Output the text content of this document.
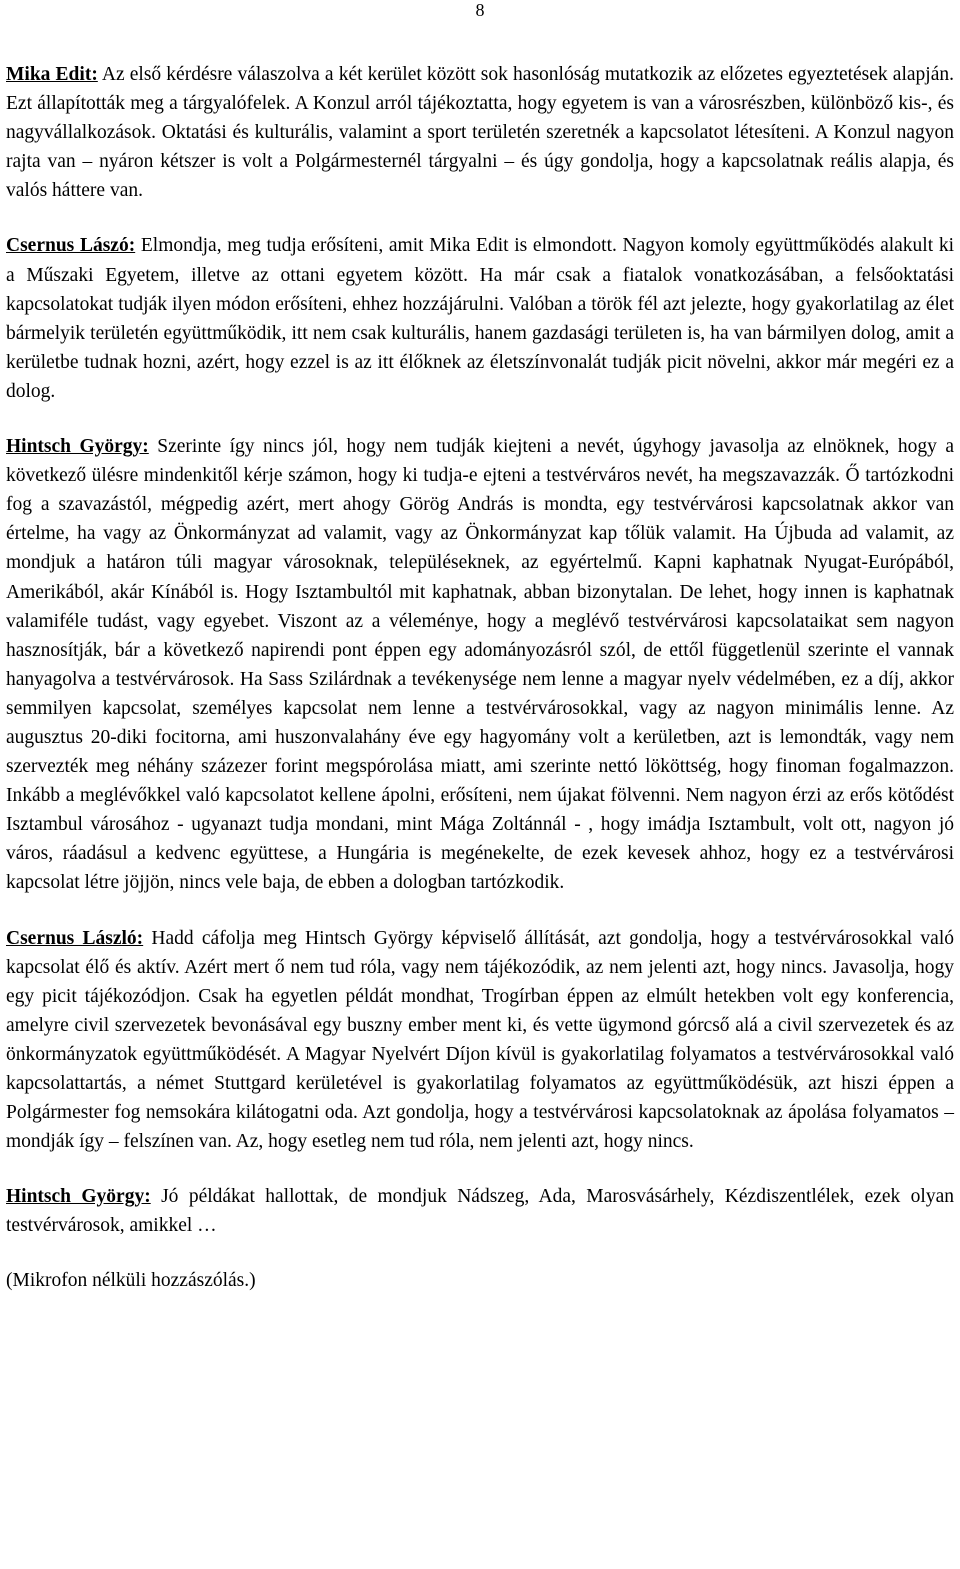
8

Mika Edit: Az első kérdésre válaszolva a két kerület között sok hasonlóság mutatkozik az előzetes egyeztetések alapján. Ezt állapították meg a tárgyalófelek. A Konzul arról tájékoztatta, hogy egyetem is van a városrészben, különböző kis-, és nagyvállalkozások. Oktatási és kulturális, valamint a sport területén szeretnék a kapcsolatot létesíteni. A Konzul nagyon rajta van – nyáron kétszer is volt a Polgármesternél tárgyalni – és úgy gondolja, hogy a kapcsolatnak reális alapja, és valós háttere van.

Csernus Lászó: Elmondja, meg tudja erősíteni, amit Mika Edit is elmondott. Nagyon komoly együttműködés alakult ki a Műszaki Egyetem, illetve az ottani egyetem között. Ha már csak a fiatalok vonatkozásában, a felsőoktatási kapcsolatokat tudják ilyen módon erősíteni, ehhez hozzájárulni. Valóban a török fél azt jelezte, hogy gyakorlatilag az élet bármelyik területén együttműködik, itt nem csak kulturális, hanem gazdasági területen is, ha van bármilyen dolog, amit a kerületbe tudnak hozni, azért, hogy ezzel is az itt élőknek az életszínvonalát tudják picit növelni, akkor már megéri ez a dolog.

Hintsch György: Szerinte így nincs jól, hogy nem tudják kiejteni a nevét, úgyhogy javasolja az elnöknek, hogy a következő ülésre mindenkitől kérje számon, hogy ki tudja-e ejteni a testvérváros nevét, ha megszavazzák. Ő tartózkodni fog a szavazástól, mégpedig azért, mert ahogy Görög András is mondta, egy testvérvárosi kapcsolatnak akkor van értelme, ha vagy az Önkormányzat ad valamit, vagy az Önkormányzat kap tőlük valamit. Ha Újbuda ad valamit, az mondjuk a határon túli magyar városoknak, településeknek, az egyértelmű. Kapni kaphatnak Nyugat-Európából, Amerikából, akár Kínából is. Hogy Isztambultól mit kaphatnak, abban bizonytalan. De lehet, hogy innen is kaphatnak valamiféle tudást, vagy egyebet. Viszont az a véleménye, hogy a meglévő testvérvárosi kapcsolataikat sem nagyon hasznosítják, bár a következő napirendi pont éppen egy adományozásról szól, de ettől függetlenül szerinte el vannak hanyagolva a testvérvárosok. Ha Sass Szilárdnak a tevékenysége nem lenne a magyar nyelv védelmében, ez a díj, akkor semmilyen kapcsolat, személyes kapcsolat nem lenne a testvérvárosokkal, vagy az nagyon minimális lenne. Az augusztus 20-diki focitorna, ami huszonvalahány éve egy hagyomány volt a kerületben, azt is lemondták, vagy nem szervezték meg néhány százezer forint megspórolása miatt, ami szerinte nettó lököttség, hogy finoman fogalmazzon. Inkább a meglévőkkel való kapcsolatot kellene ápolni, erősíteni, nem újakat fölvenni. Nem nagyon érzi az erős kötődést Isztambul városához - ugyanazt tudja mondani, mint Mága Zoltánnál - , hogy imádja Isztambult, volt ott, nagyon jó város, ráadásul a kedvenc együttese, a Hungária is megénekelte, de ezek kevesek ahhoz, hogy ez a testvérvárosi kapcsolat létre jöjjön, nincs vele baja, de ebben a dologban tartózkodik.

Csernus László: Hadd cáfolja meg Hintsch György képviselő állítását, azt gondolja, hogy a testvérvárosokkal való kapcsolat élő és aktív. Azért mert ő nem tud róla, vagy nem tájékozódik, az nem jelenti azt, hogy nincs. Javasolja, hogy egy picit tájékozódjon. Csak ha egyetlen példát mondhat, Trogírban éppen az elmúlt hetekben volt egy konferencia, amelyre civil szervezetek bevonásával egy buszny ember ment ki, és vette ügymond górcső alá a civil szervezetek és az önkormányzatok együttműködését. A Magyar Nyelvért Díjon kívül is gyakorlatilag folyamatos a testvérvárosokkal való kapcsolattartás, a német Stuttgard kerületével is gyakorlatilag folyamatos az együttműködésük, azt hiszi éppen a Polgármester fog nemsokára kilátogatni oda. Azt gondolja, hogy a testvérvárosi kapcsolatoknak az ápolása folyamatos – mondják így – felszínen van. Az, hogy esetleg nem tud róla, nem jelenti azt, hogy nincs.

Hintsch György: Jó példákat hallottak, de mondjuk Nádszeg, Ada, Marosvásárhely, Kézdiszentlélek, ezek olyan testvérvárosok, amikkel …

(Mikrofon nélküli hozzászólás.)
